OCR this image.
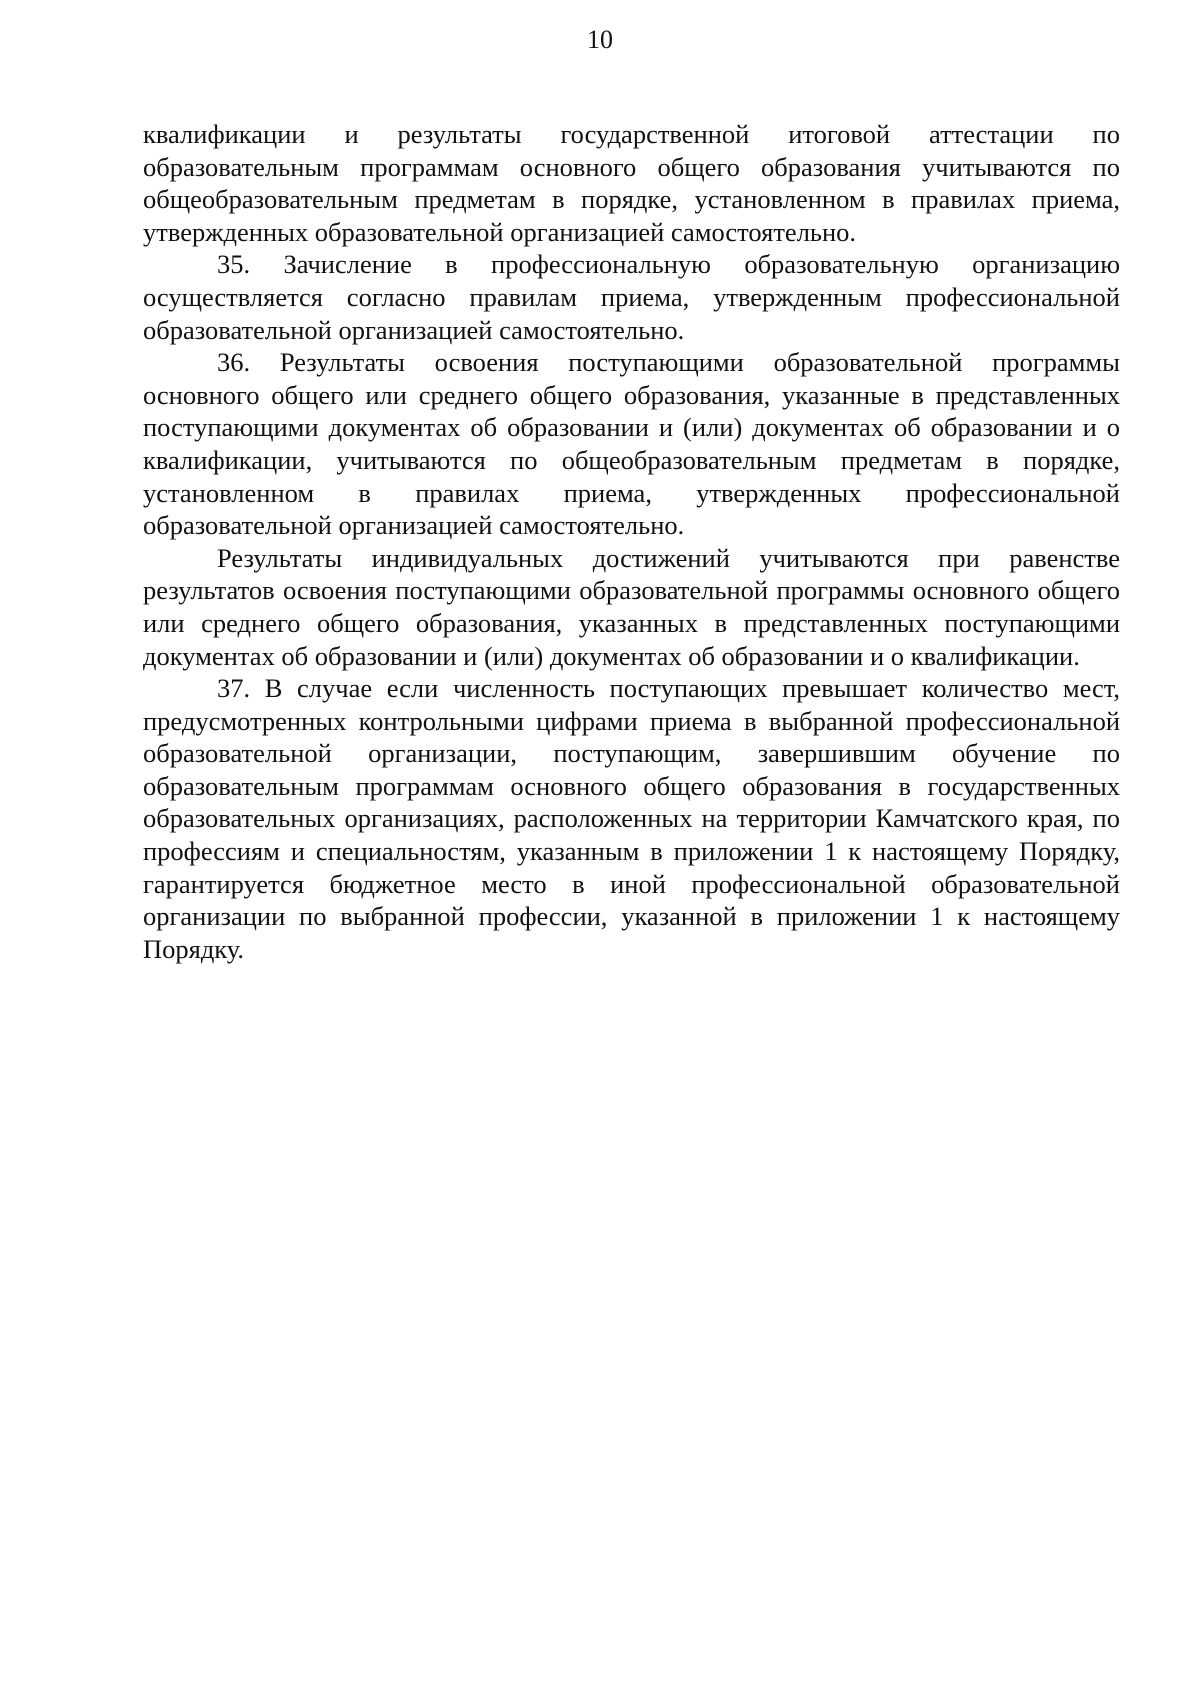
10

квалификации и результаты государственной итоговой аттестации по образовательным программам основного общего образования учитываются по общеобразовательным предметам в порядке, установленном в правилах приема, утвержденных образовательной организацией самостоятельно.

35. Зачисление в профессиональную образовательную организацию осуществляется согласно правилам приема, утвержденным профессиональной образовательной организацией самостоятельно.

36. Результаты освоения поступающими образовательной программы основного общего или среднего общего образования, указанные в представленных поступающими документах об образовании и (или) документах об образовании и о квалификации, учитываются по общеобразовательным предметам в порядке, установленном в правилах приема, утвержденных профессиональной образовательной организацией самостоятельно.

Результаты индивидуальных достижений учитываются при равенстве результатов освоения поступающими образовательной программы основного общего или среднего общего образования, указанных в представленных поступающими документах об образовании и (или) документах об образовании и о квалификации.

37. В случае если численность поступающих превышает количество мест, предусмотренных контрольными цифрами приема в выбранной профессиональной образовательной организации, поступающим, завершившим обучение по образовательным программам основного общего образования в государственных образовательных организациях, расположенных на территории Камчатского края, по профессиям и специальностям, указанным в приложении 1 к настоящему Порядку, гарантируется бюджетное место в иной профессиональной образовательной организации по выбранной профессии, указанной в приложении 1 к настоящему Порядку.
